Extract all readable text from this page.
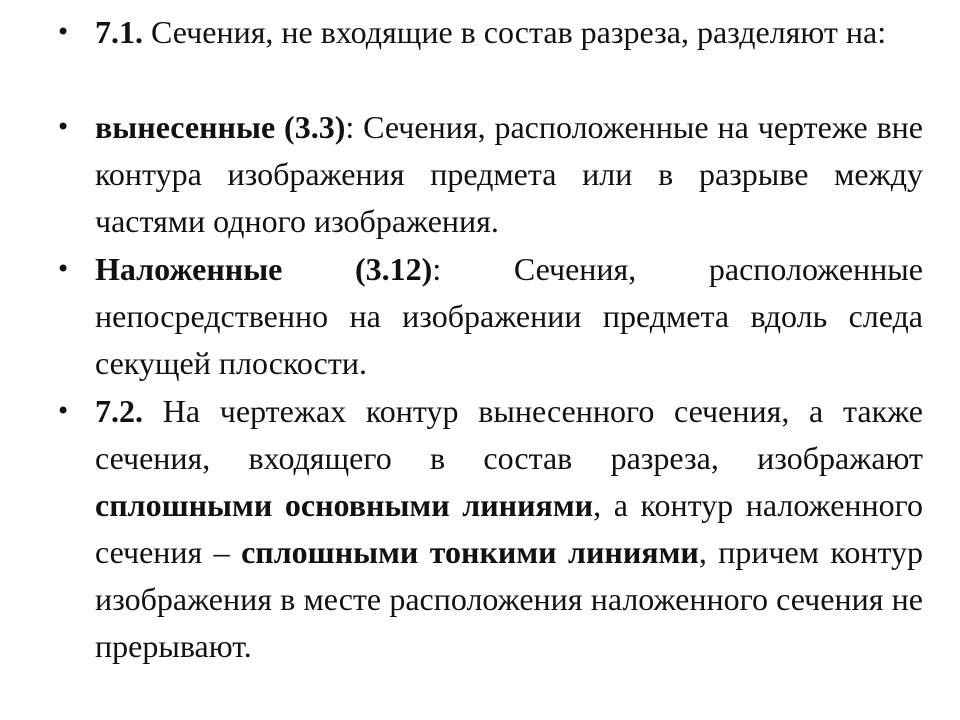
• 7.1. Сечения, не входящие в состав разреза, разделяют на:
• вынесенные (3.3): Сечения, расположенные на чертеже вне контура изображения предмета или в разрыве между частями одного изображения.
• Наложенные (3.12): Сечения, расположенные непосредственно на изображении предмета вдоль следа секущей плоскости.
• 7.2. На чертежах контур вынесенного сечения, а также сечения, входящего в состав разреза, изображают сплошными основными линиями, а контур наложенного сечения – сплошными тонкими линиями, причем контур изображения в месте расположения наложенного сечения не прерывают.
